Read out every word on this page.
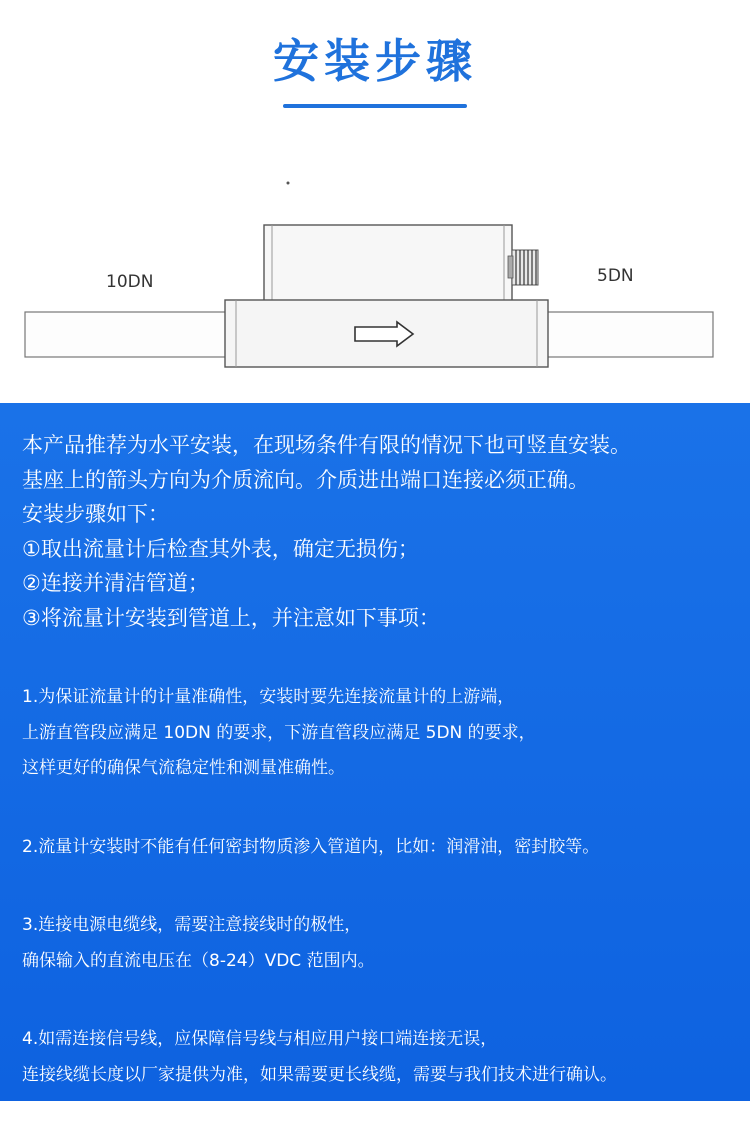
安装步骤
10DN	5DN

本产品推荐为水平安装，在现场条件有限的情况下也可竖直安装。

基座上的箭头方向为介质流向。介质进出端口连接必须正确。

安装步骤如下：

①取出流量计后检查其外表，确定无损伤；

②连接并清洁管道；

③将流量计安装到管道上，并注意如下事项：

1.为保证流量计的计量准确性，安装时要先连接流量计的上游端，

上游直管段应满足 10DN 的要求，下游直管段应满足 5DN 的要求，

这样更好的确保气流稳定性和测量准确性。

2.流量计安装时不能有任何密封物质渗入管道内，比如：润滑油，密封胶等。

3.连接电源电缆线，需要注意接线时的极性，

确保输入的直流电压在（8-24）VDC 范围内。

4.如需连接信号线，应保障信号线与相应用户接口端连接无误，

连接线缆长度以厂家提供为准，如果需要更长线缆，需要与我们技术进行确认。
